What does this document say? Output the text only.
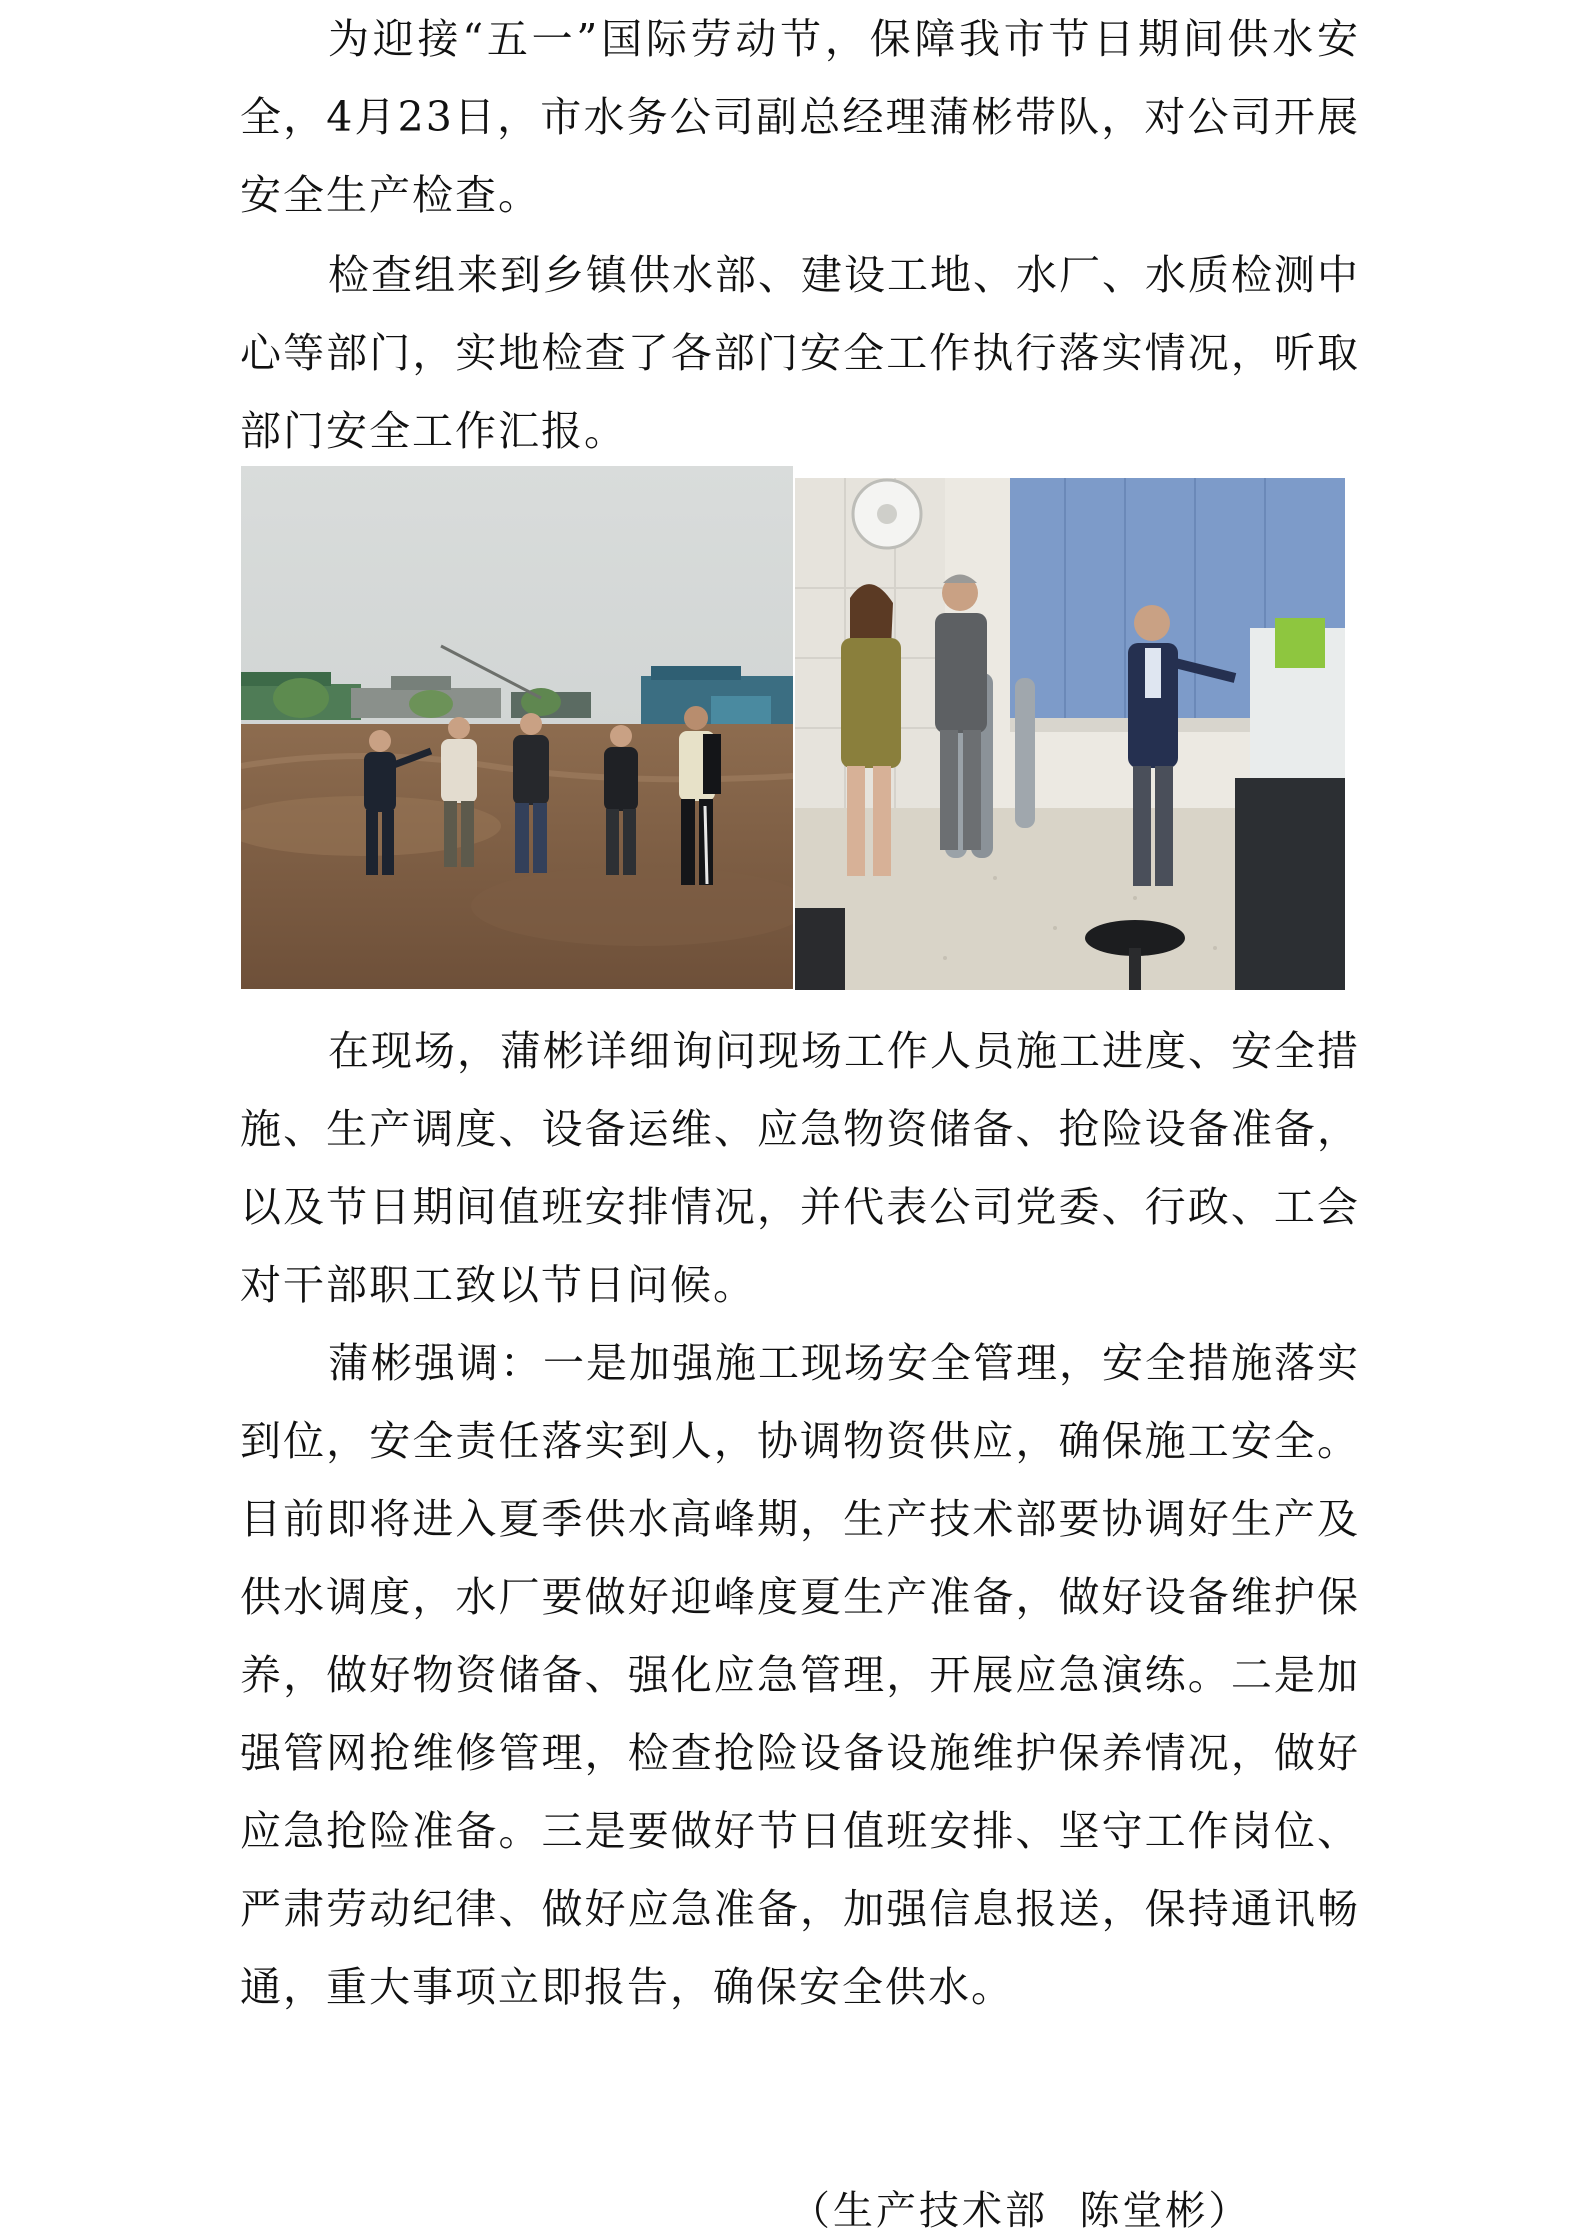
为迎接“五一”国际劳动节，保障我市节日期间供水安全，4月23日，市水务公司副总经理蒲彬带队，对公司开展安全生产检查。

检查组来到乡镇供水部、建设工地、水厂、水质检测中心等部门，实地检查了各部门安全工作执行落实情况，听取部门安全工作汇报。

在现场，蒲彬详细询问现场工作人员施工进度、安全措施、生产调度、设备运维、应急物资储备、抢险设备准备，以及节日期间值班安排情况，并代表公司党委、行政、工会对干部职工致以节日问候。

蒲彬强调：一是加强施工现场安全管理，安全措施落实到位，安全责任落实到人，协调物资供应，确保施工安全。目前即将进入夏季供水高峰期，生产技术部要协调好生产及供水调度，水厂要做好迎峰度夏生产准备，做好设备维护保养，做好物资储备、强化应急管理，开展应急演练。二是加强管网抢维修管理，检查抢险设备设施维护保养情况，做好应急抢险准备。三是要做好节日值班安排、坚守工作岗位、严肃劳动纪律、做好应急准备，加强信息报送，保持通讯畅通，重大事项立即报告，确保安全供水。

（生产技术部  陈堂彬）
